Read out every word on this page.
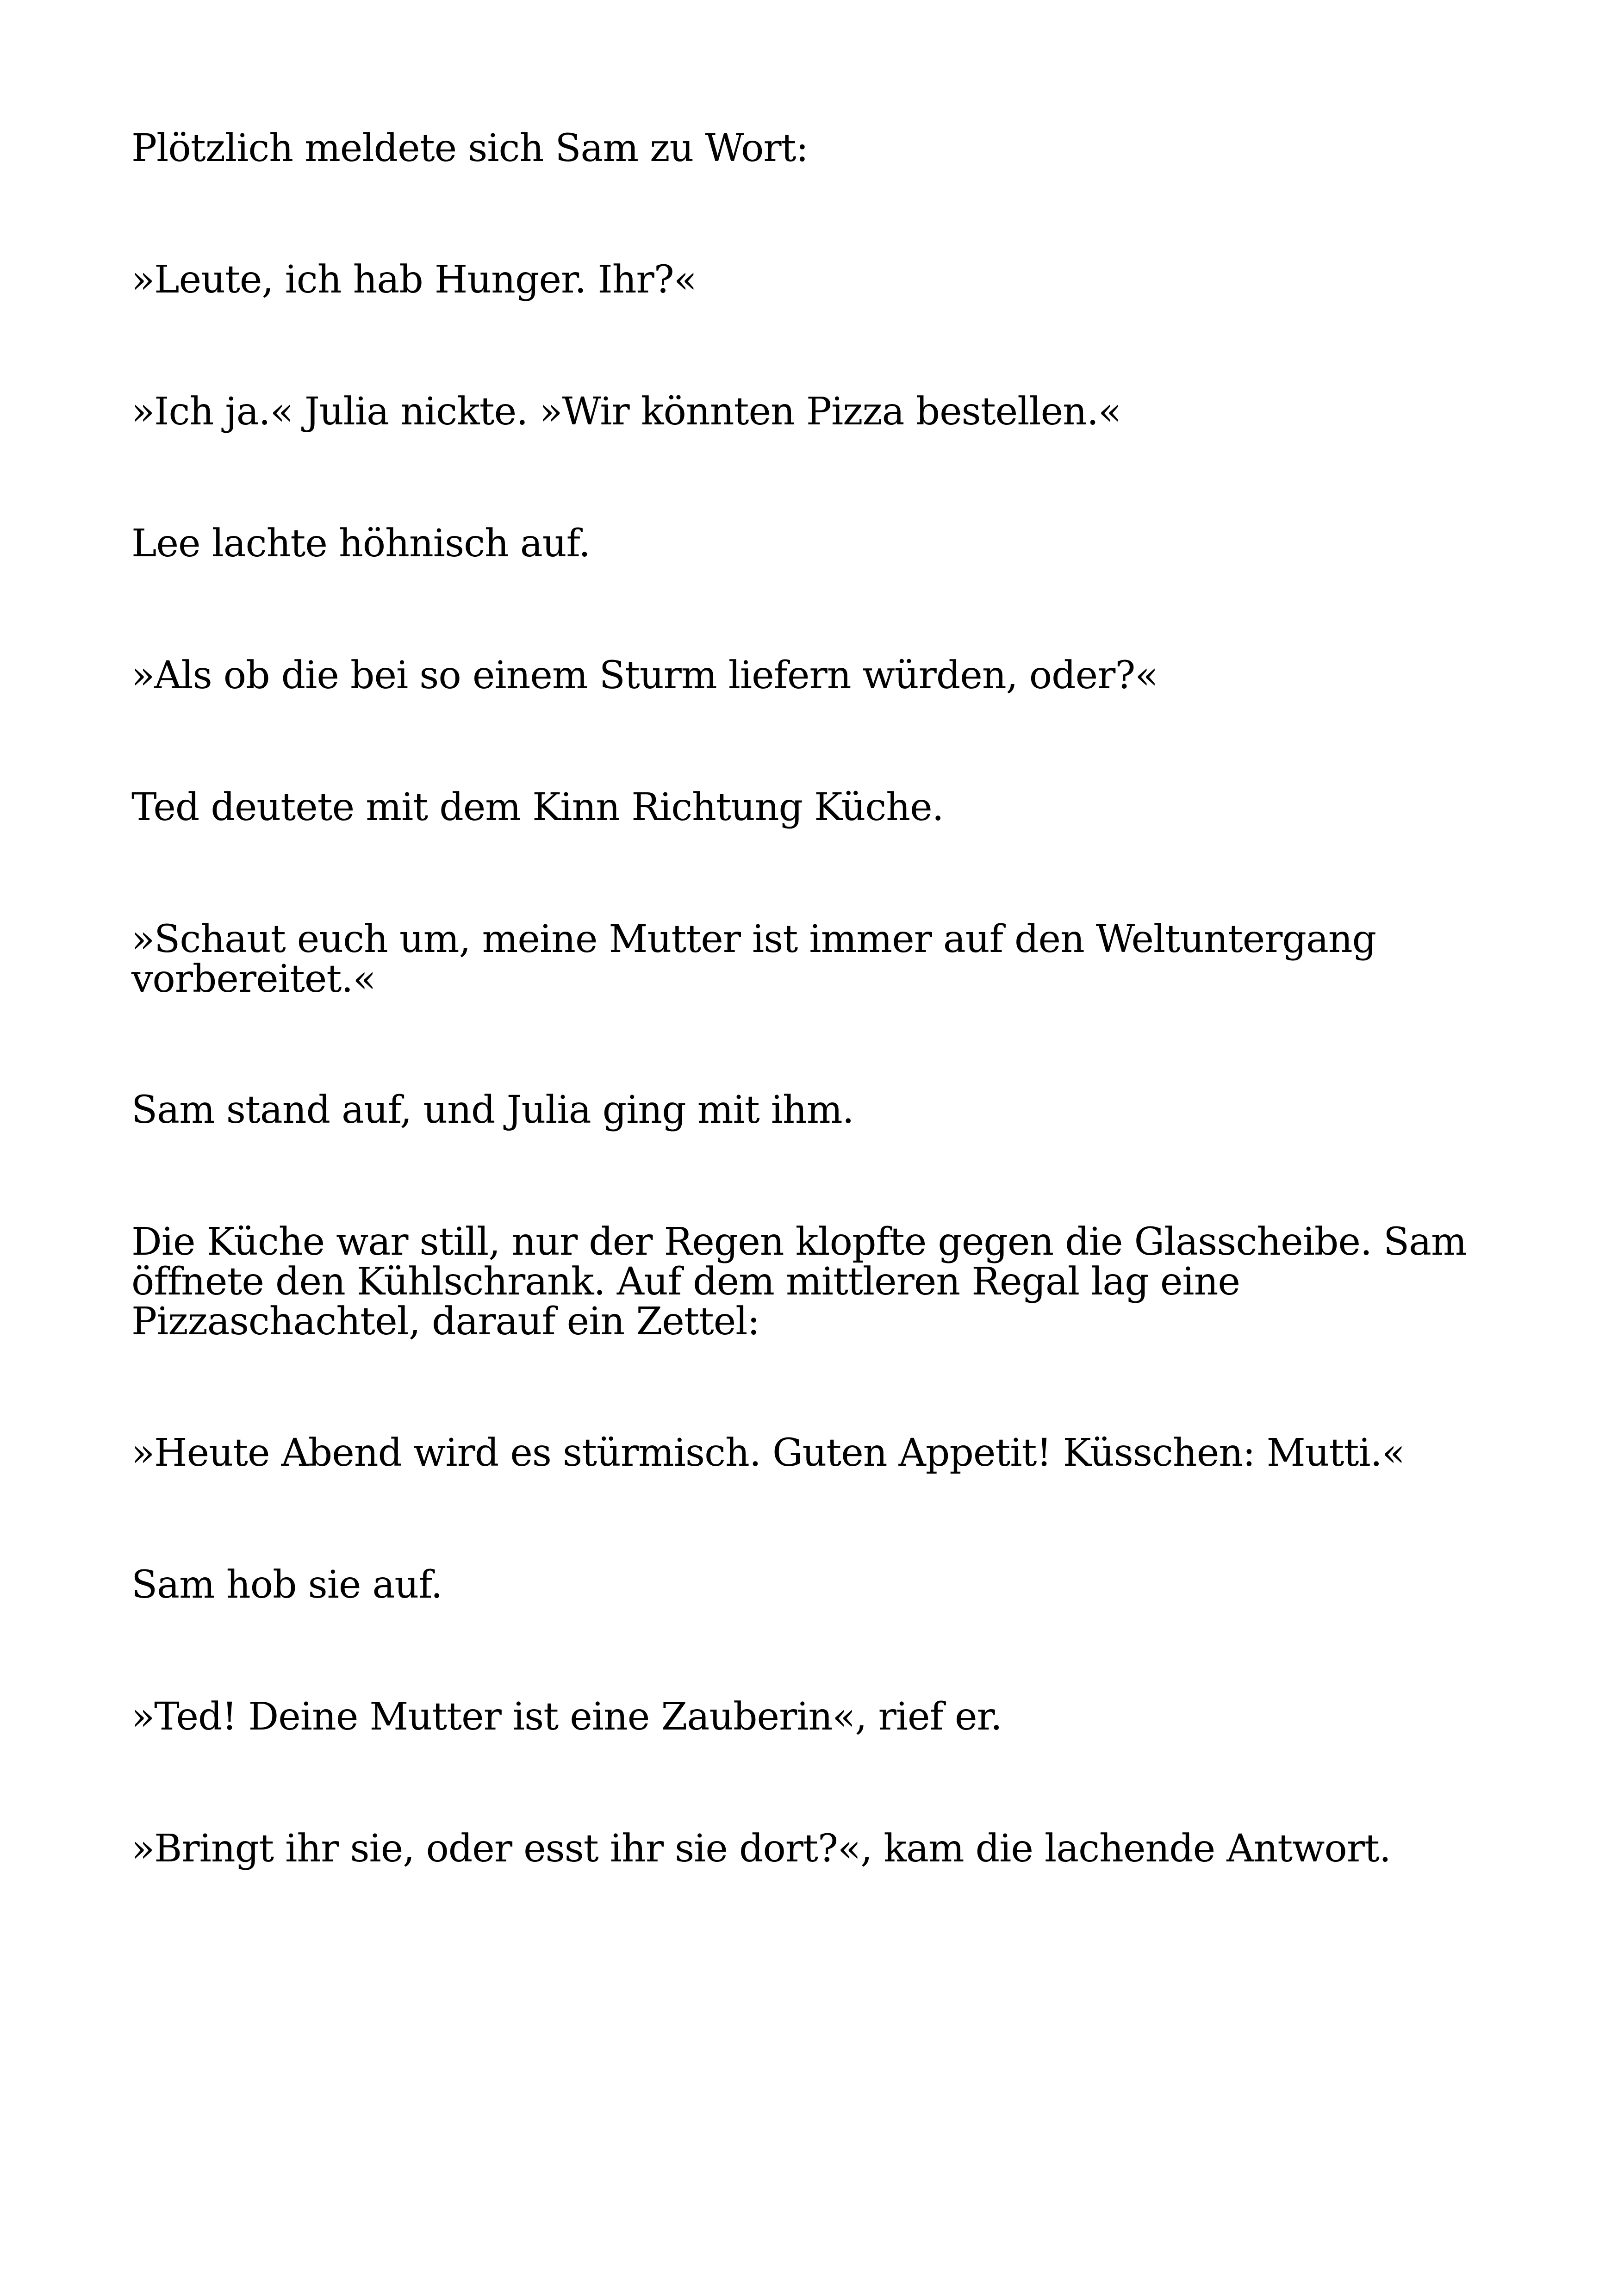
Plötzlich meldete sich Sam zu Wort:

»Leute, ich hab Hunger. Ihr?«

»Ich ja.« Julia nickte. »Wir könnten Pizza bestellen.«

Lee lachte höhnisch auf.

»Als ob die bei so einem Sturm liefern würden, oder?«

Ted deutete mit dem Kinn Richtung Küche.

»Schaut euch um, meine Mutter ist immer auf den Weltuntergang vorbereitet.«

Sam stand auf, und Julia ging mit ihm.

Die Küche war still, nur der Regen klopfte gegen die Glasscheibe. Sam öffnete den Kühlschrank. Auf dem mittleren Regal lag eine Pizzaschachtel, darauf ein Zettel:

»Heute Abend wird es stürmisch. Guten Appetit! Küsschen: Mutti.«

Sam hob sie auf.

»Ted! Deine Mutter ist eine Zauberin«, rief er.

»Bringt ihr sie, oder esst ihr sie dort?«, kam die lachende Antwort.
